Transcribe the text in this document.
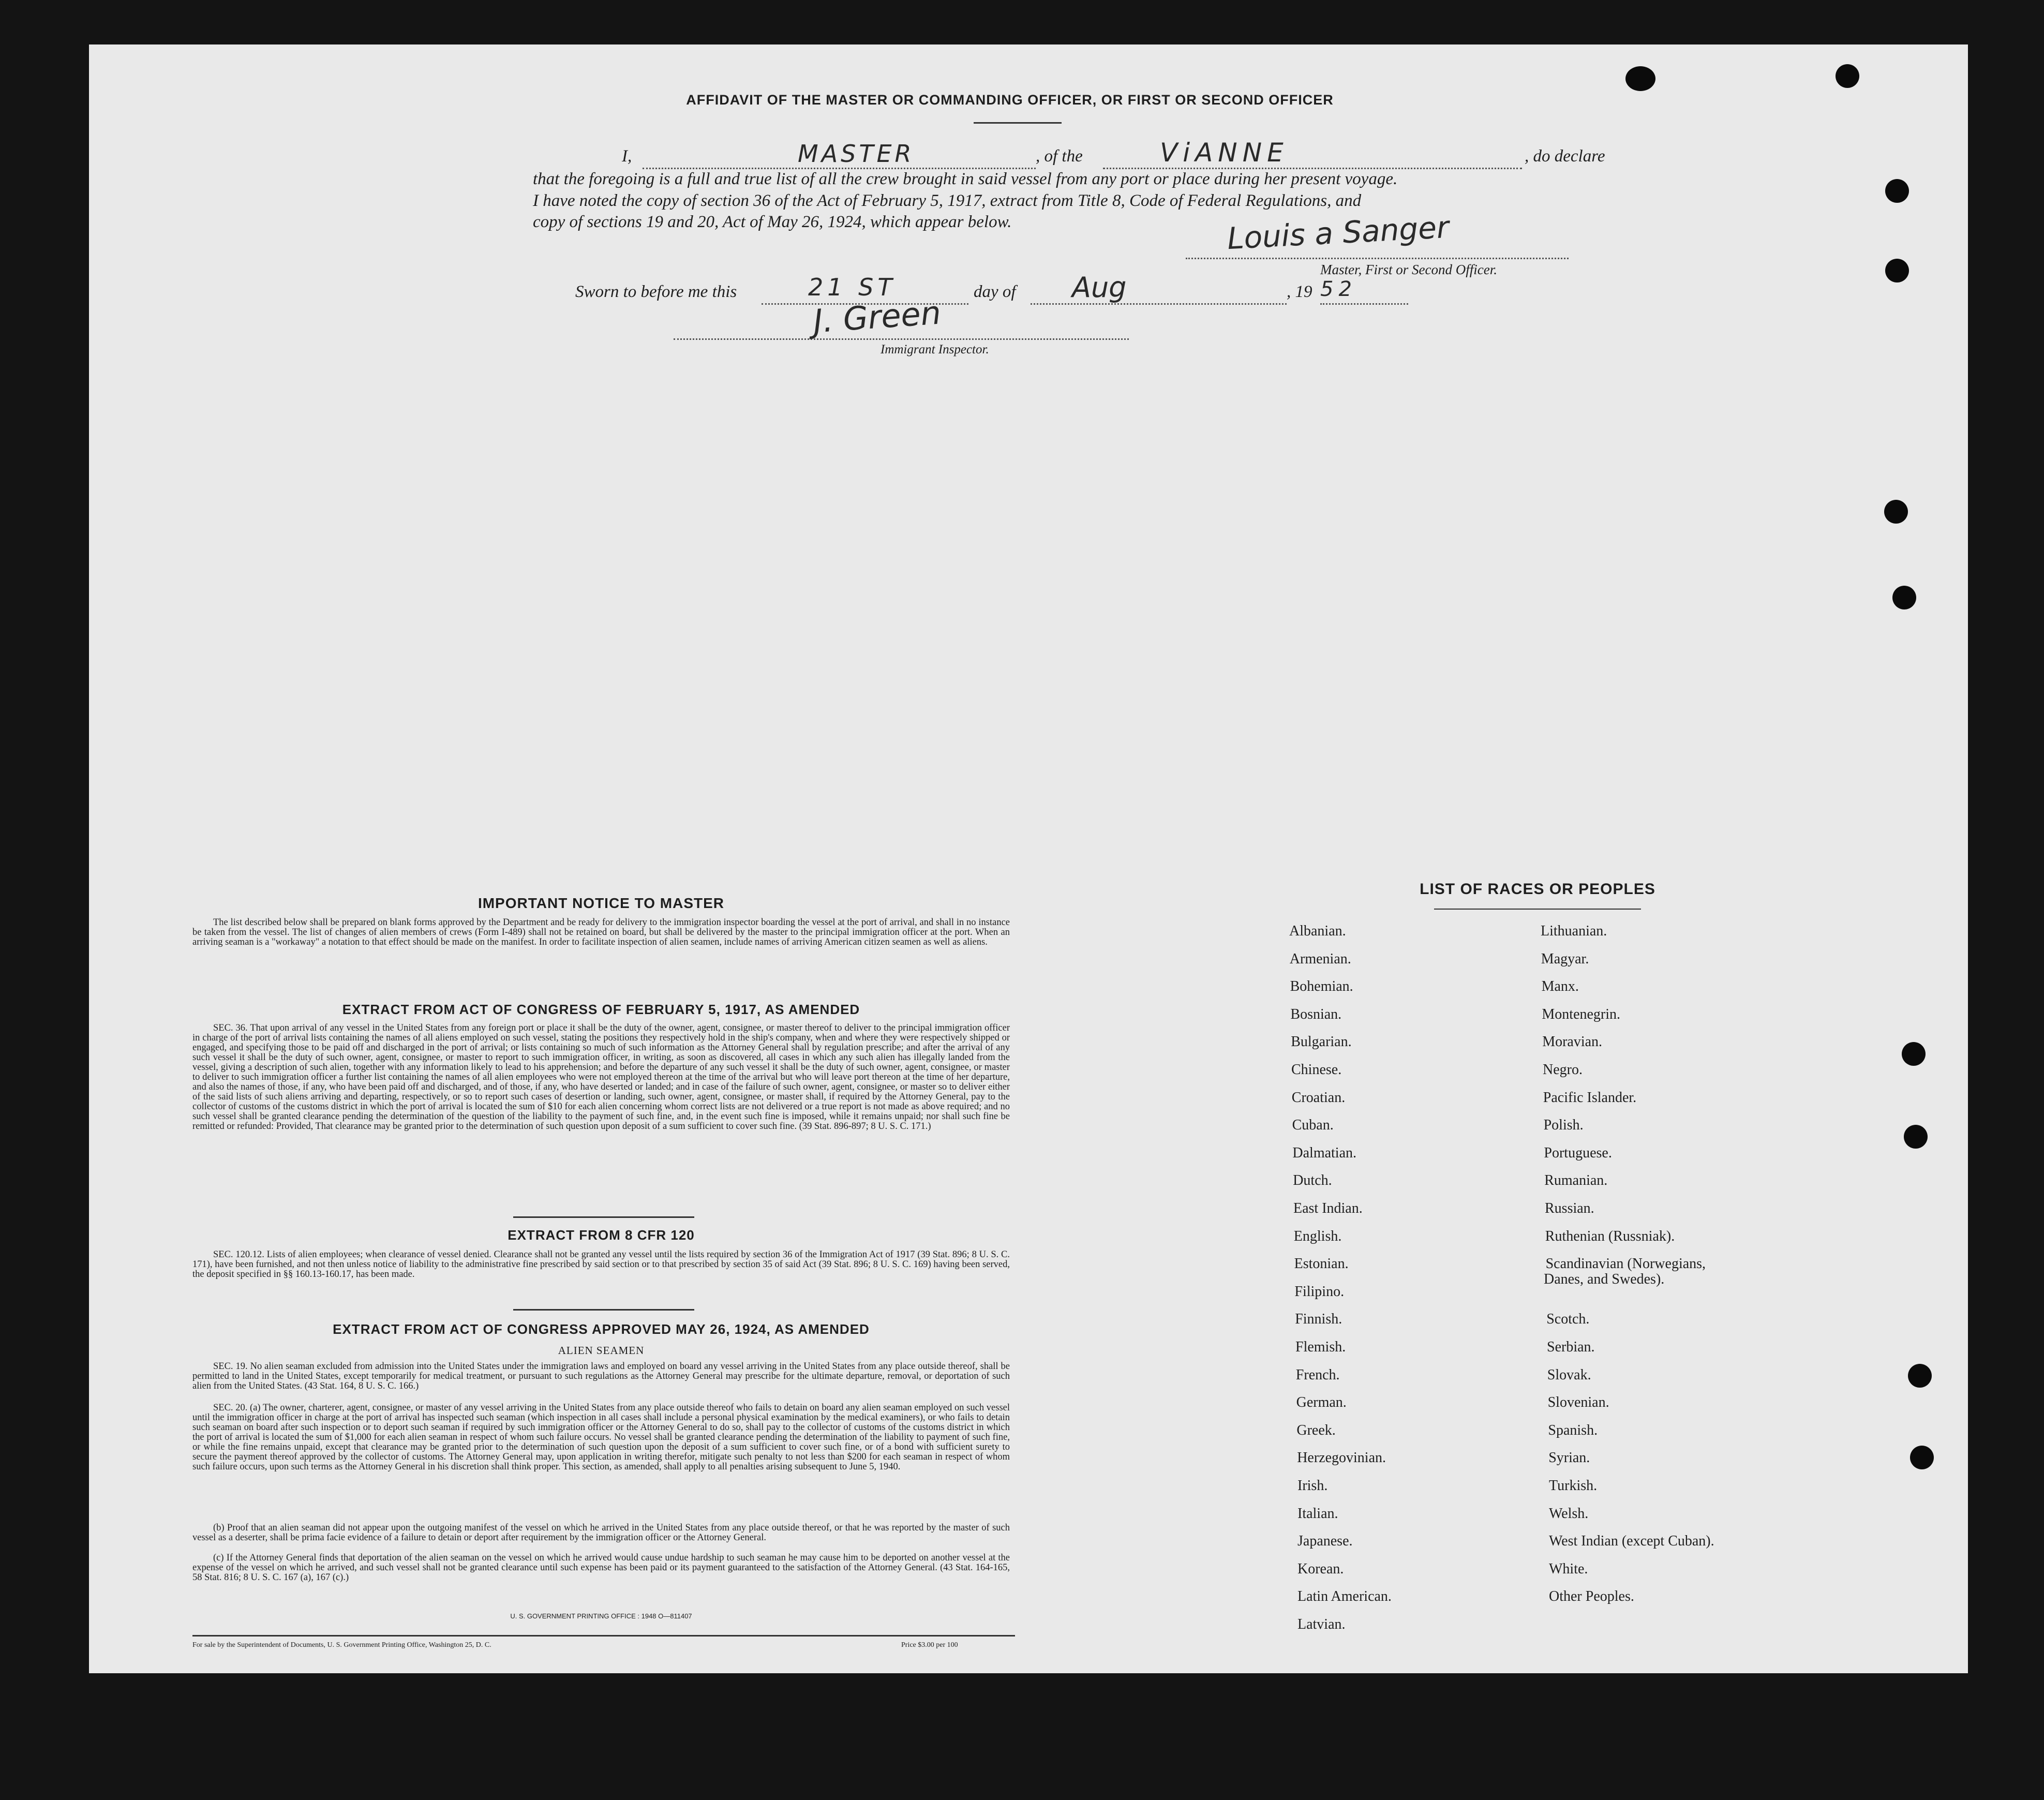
AFFIDAVIT OF THE MASTER OR COMMANDING OFFICER, OR FIRST OR SECOND OFFICER
I,	MASTER	, of the	ViANNE	, do declare
that the foregoing is a full and true list of all the crew brought in said vessel from any port or place during her present voyage.
I have noted the copy of section 36 of the Act of February 5, 1917, extract from Title 8, Code of Federal Regulations, and
copy of sections 19 and 20, Act of May 26, 1924, which appear below.	Louis a Sanger
Master, First or Second Officer.
Sworn to before me this	21 ST	day of Aug	, 19 52
J. Green
Immigrant Inspector.
IMPORTANT NOTICE TO MASTER
The list described below shall be prepared on blank forms approved by the Department and be ready for delivery to the immigration inspector boarding the vessel at the port of arrival, and shall in no instance be taken from the vessel. The list of changes of alien members of crews (Form I-489) shall not be retained on board, but shall be delivered by the master to the principal immigration officer at the port. When an arriving seaman is a "workaway" a notation to that effect should be made on the manifest. In order to facilitate inspection of alien seamen, include names of arriving American citizen seamen as well as aliens.
EXTRACT FROM ACT OF CONGRESS OF FEBRUARY 5, 1917, AS AMENDED
SEC. 36. That upon arrival of any vessel in the United States from any foreign port or place it shall be the duty of the owner, agent, consignee, or master thereof to deliver to the principal immigration officer in charge of the port of arrival lists containing the names of all aliens employed on such vessel, stating the positions they respectively hold in the ship's company, when and where they were respectively shipped or engaged, and specifying those to be paid off and discharged in the port of arrival; or lists containing so much of such information as the Attorney General shall by regulation prescribe; and after the arrival of any such vessel it shall be the duty of such owner, agent, consignee, or master to report to such immigration officer, in writing, as soon as discovered, all cases in which any such alien has illegally landed from the vessel, giving a description of such alien, together with any information likely to lead to his apprehension; and before the departure of any such vessel it shall be the duty of such owner, agent, consignee, or master to deliver to such immigration officer a further list containing the names of all alien employees who were not employed thereon at the time of the arrival but who will leave port thereon at the time of her departure, and also the names of those, if any, who have been paid off and discharged, and of those, if any, who have deserted or landed; and in case of the failure of such owner, agent, consignee, or master so to deliver either of the said lists of such aliens arriving and departing, respectively, or so to report such cases of desertion or landing, such owner, agent, consignee, or master shall, if required by the Attorney General, pay to the collector of customs of the customs district in which the port of arrival is located the sum of $10 for each alien concerning whom correct lists are not delivered or a true report is not made as above required; and no such vessel shall be granted clearance pending the determination of the question of the liability to the payment of such fine, and, in the event such fine is imposed, while it remains unpaid; nor shall such fine be remitted or refunded: Provided, That clearance may be granted prior to the determination of such question upon deposit of a sum sufficient to cover such fine. (39 Stat. 896-897; 8 U. S. C. 171.)
EXTRACT FROM 8 CFR 120
SEC. 120.12. Lists of alien employees; when clearance of vessel denied. Clearance shall not be granted any vessel until the lists required by section 36 of the Immigration Act of 1917 (39 Stat. 896; 8 U. S. C. 171), have been furnished, and not then unless notice of liability to the administrative fine prescribed by said section or to that prescribed by section 35 of said Act (39 Stat. 896; 8 U. S. C. 169) having been served, the deposit specified in §§ 160.13-160.17, has been made.
EXTRACT FROM ACT OF CONGRESS APPROVED MAY 26, 1924, AS AMENDED
ALIEN SEAMEN
SEC. 19. No alien seaman excluded from admission into the United States under the immigration laws and employed on board any vessel arriving in the United States from any place outside thereof, shall be permitted to land in the United States, except temporarily for medical treatment, or pursuant to such regulations as the Attorney General may prescribe for the ultimate departure, removal, or deportation of such alien from the United States. (43 Stat. 164, 8 U. S. C. 166.)
SEC. 20. (a) The owner, charterer, agent, consignee, or master of any vessel arriving in the United States from any place outside thereof who fails to detain on board any alien seaman employed on such vessel until the immigration officer in charge at the port of arrival has inspected such seaman (which inspection in all cases shall include a personal physical examination by the medical examiners), or who fails to detain such seaman on board after such inspection or to deport such seaman if required by such immigration officer or the Attorney General to do so, shall pay to the collector of customs of the customs district in which the port of arrival is located the sum of $1,000 for each alien seaman in respect of whom such failure occurs. No vessel shall be granted clearance pending the determination of the liability to payment of such fine, or while the fine remains unpaid, except that clearance may be granted prior to the determination of such question upon the deposit of a sum sufficient to cover such fine, or of a bond with sufficient surety to secure the payment thereof approved by the collector of customs. The Attorney General may, upon application in writing therefor, mitigate such penalty to not less than $200 for each seaman in respect of whom such failure occurs, upon such terms as the Attorney General in his discretion shall think proper. This section, as amended, shall apply to all penalties arising subsequent to June 5, 1940.
(b) Proof that an alien seaman did not appear upon the outgoing manifest of the vessel on which he arrived in the United States from any place outside thereof, or that he was reported by the master of such vessel as a deserter, shall be prima facie evidence of a failure to detain or deport after requirement by the immigration officer or the Attorney General.
(c) If the Attorney General finds that deportation of the alien seaman on the vessel on which he arrived would cause undue hardship to such seaman he may cause him to be deported on another vessel at the expense of the vessel on which he arrived, and such vessel shall not be granted clearance until such expense has been paid or its payment guaranteed to the satisfaction of the Attorney General. (43 Stat. 164-165, 58 Stat. 816; 8 U. S. C. 167 (a), 167 (c).)
U. S. GOVERNMENT PRINTING OFFICE : 1948 O—811407
For sale by the Superintendent of Documents, U. S. Government Printing Office, Washington 25, D. C.	Price $3.00 per 100
LIST OF RACES OR PEOPLES
Albanian.
Armenian.
Bohemian.
Bosnian.
Bulgarian.
Chinese.
Croatian.
Cuban.
Dalmatian.
Dutch.
East Indian.
English.
Estonian.
Filipino.
Finnish.
Flemish.
French.
German.
Greek.
Herzegovinian.
Irish.
Italian.
Japanese.
Korean.
Latin American.
Latvian.
Lithuanian.
Magyar.
Manx.
Montenegrin.
Moravian.
Negro.
Pacific Islander.
Polish.
Portuguese.
Rumanian.
Russian.
Ruthenian (Russniak).
Scandinavian (Norwegians,
Danes, and Swedes).
Scotch.
Serbian.
Slovak.
Slovenian.
Spanish.
Syrian.
Turkish.
Welsh.
West Indian (except Cuban).
White.
Other Peoples.
